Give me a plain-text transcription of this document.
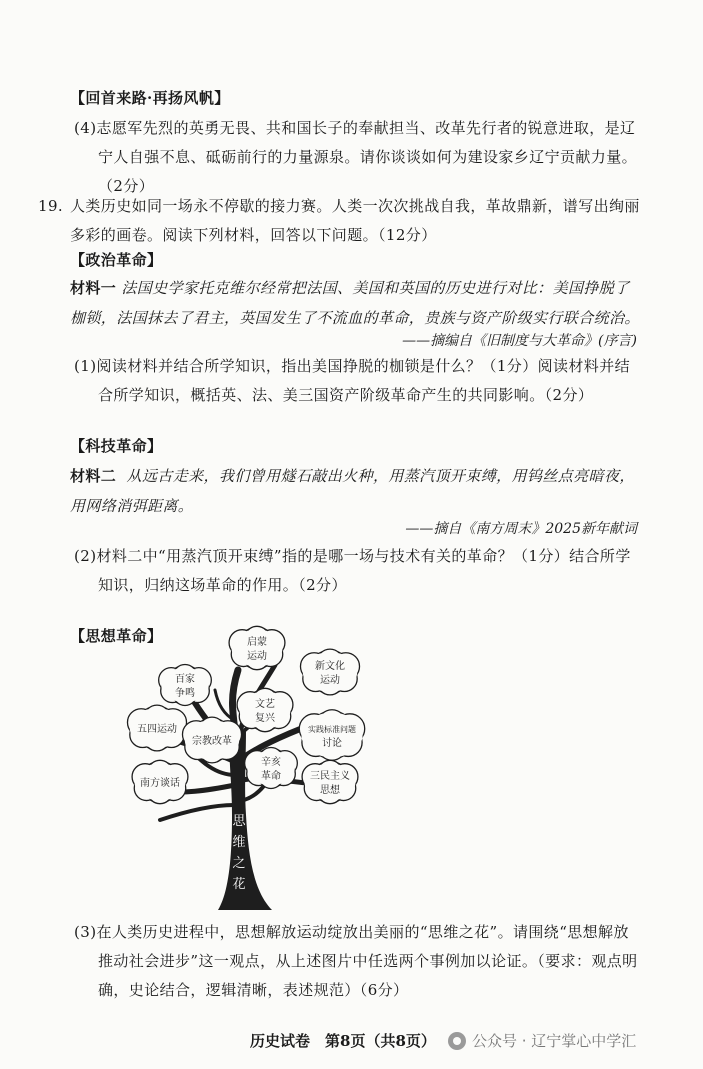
【回首来路·再扬风帆】
(4)志愿军先烈的英勇无畏、共和国长子的奉献担当、改革先行者的锐意进取，是辽宁人自强不息、砥砺前行的力量源泉。请你谈谈如何为建设家乡辽宁贡献力量。（2分）
19. 人类历史如同一场永不停歇的接力赛。人类一次次挑战自我，革故鼎新，谱写出绚丽多彩的画卷。阅读下列材料，回答以下问题。（12分）
【政治革命】
材料一 法国史学家托克维尔经常把法国、美国和英国的历史进行对比：美国挣脱了枷锁，法国抹去了君主，英国发生了不流血的革命，贵族与资产阶级实行联合统治。
——摘编自《旧制度与大革命》(序言)
(1)阅读材料并结合所学知识，指出美国挣脱的枷锁是什么？（1分）阅读材料并结合所学知识，概括英、法、美三国资产阶级革命产生的共同影响。（2分）
【科技革命】
材料二 从远古走来，我们曾用燧石敲出火种，用蒸汽顶开束缚，用钨丝点亮暗夜，用网络消弭距离。
——摘自《南方周末》2025新年献词
(2)材料二中“用蒸汽顶开束缚”指的是哪一场与技术有关的革命？（1分）结合所学知识，归纳这场革命的作用。（2分）
【思想革命】
思
维
之
花
启蒙
运动
新文化
运动
百家
争鸣
文艺
复兴
五四运动	实践标准问题
讨论
宗教改革
辛亥
革命
南方谈话
三民主义
思想
(3)在人类历史进程中，思想解放运动绽放出美丽的“思维之花”。请围绕“思想解放推动社会进步”这一观点，从上述图片中任选两个事例加以论证。（要求：观点明确，史论结合，逻辑清晰，表述规范）（6分）
历史试卷　第8页（共8页） 公众号 · 辽宁掌心中学汇
